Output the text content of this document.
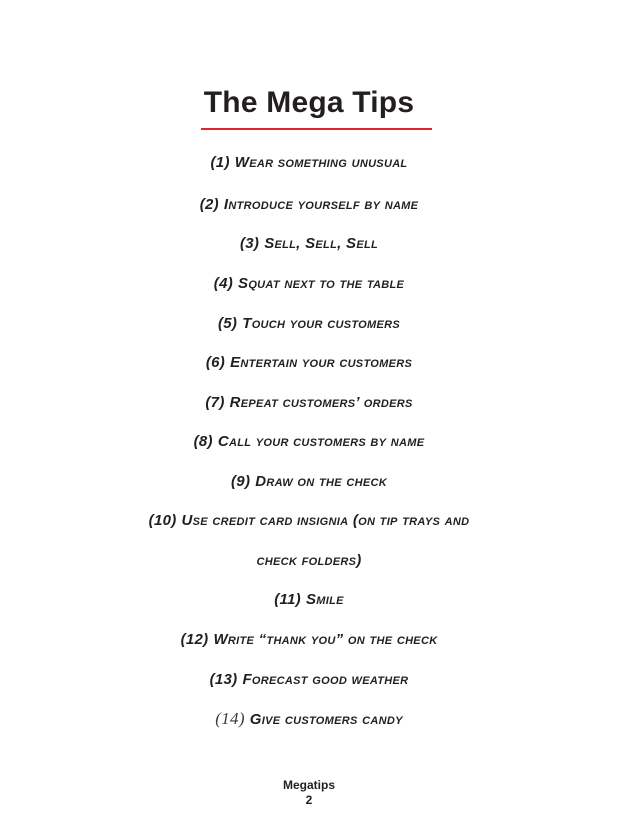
The Mega Tips
(1) Wear something unusual
(2) Introduce yourself by name
(3) Sell, Sell, Sell
(4) Squat next to the table
(5) Touch your customers
(6) Entertain your customers
(7) Repeat customers’ orders
(8) Call your customers by name
(9) Draw on the check
(10) Use credit card insignia (on tip trays and
check folders)
(11) Smile
(12) Write “thank you” on the check
(13) Forecast good weather
(14) Give customers candy
Megatips
2
